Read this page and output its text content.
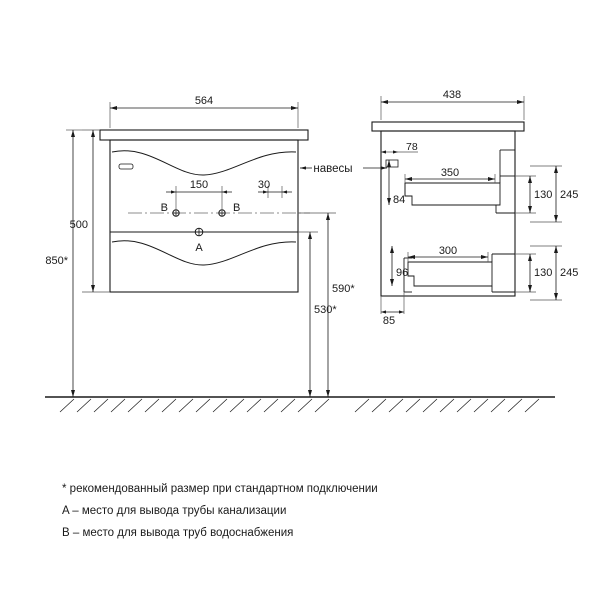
564
150	30
500
850*
590*
530*
B	B
A
438
78
350
84	130 245
300
96	130 245
85
навесы
* рекомендованный размер при стандартном подключении
A – место для вывода трубы канализации
B – место для вывода труб водоснабжения
